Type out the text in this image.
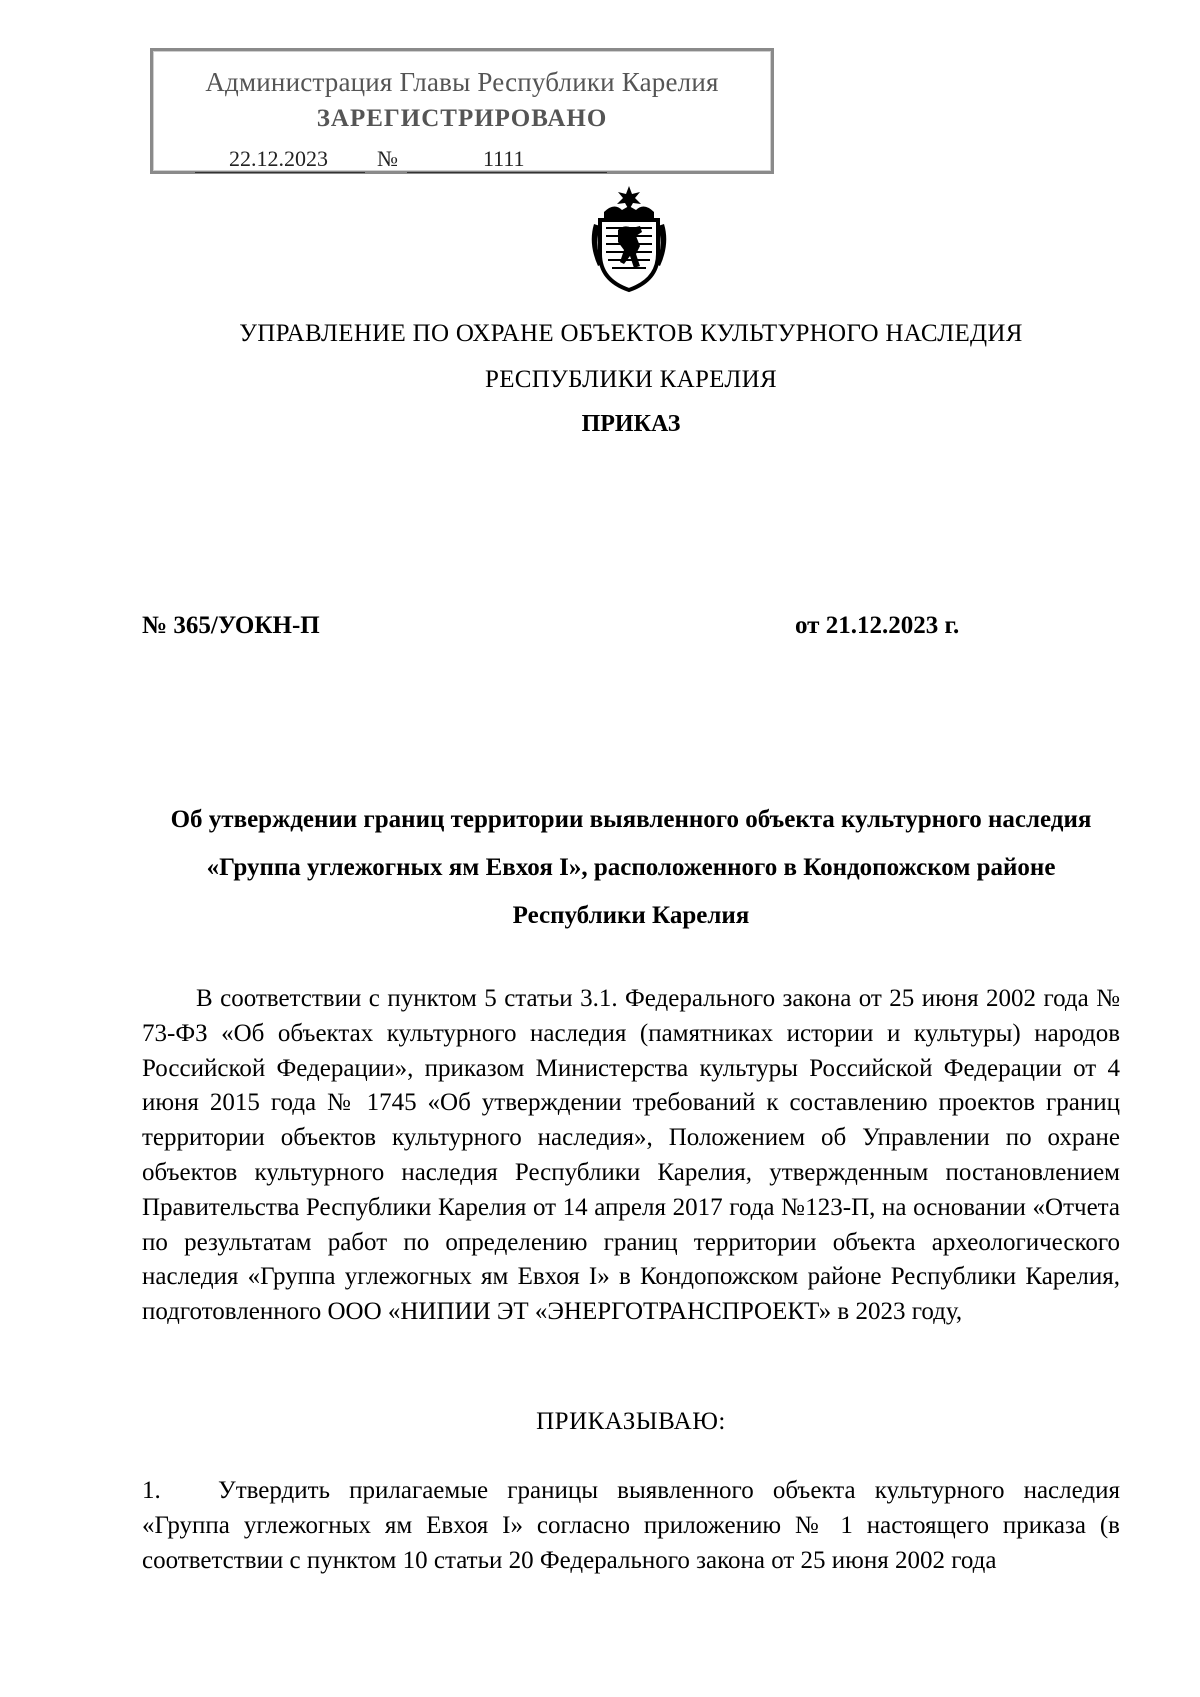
Администрация Главы Республики Карелия
ЗАРЕГИСТРИРОВАНО
22.12.2023	№	1111
УПРАВЛЕНИЕ ПО ОХРАНЕ ОБЪЕКТОВ КУЛЬТУРНОГО НАСЛЕДИЯ
РЕСПУБЛИКИ КАРЕЛИЯ
ПРИКАЗ
№ 365/УОКН-П	от 21.12.2023 г.
Об утверждении границ территории выявленного объекта культурного наследия
«Группа углежогных ям Евхоя I», расположенного в Кондопожском районе
Республики Карелия
В соответствии с пунктом 5 статьи 3.1. Федерального закона от 25 июня 2002 года № 73-ФЗ «Об объектах культурного наследия (памятниках истории и культуры) народов Российской Федерации», приказом Министерства культуры Российской Федерации от 4 июня 2015 года № 1745 «Об утверждении требований к составлению проектов границ территории объектов культурного наследия», Положением об Управлении по охране объектов культурного наследия Республики Карелия, утвержденным постановлением Правительства Республики Карелия от 14 апреля 2017 года №123-П, на основании «Отчета по результатам работ по определению границ территории объекта археологического наследия «Группа углежогных ям Евхоя I» в Кондопожском районе Республики Карелия, подготовленного ООО «НИПИИ ЭТ «ЭНЕРГОТРАНСПРОЕКТ» в 2023 году,
ПРИКАЗЫВАЮ:
1. Утвердить прилагаемые границы выявленного объекта культурного наследия «Группа углежогных ям Евхоя I» согласно приложению № 1 настоящего приказа (в соответствии с пунктом 10 статьи 20 Федерального закона от 25 июня 2002 года
